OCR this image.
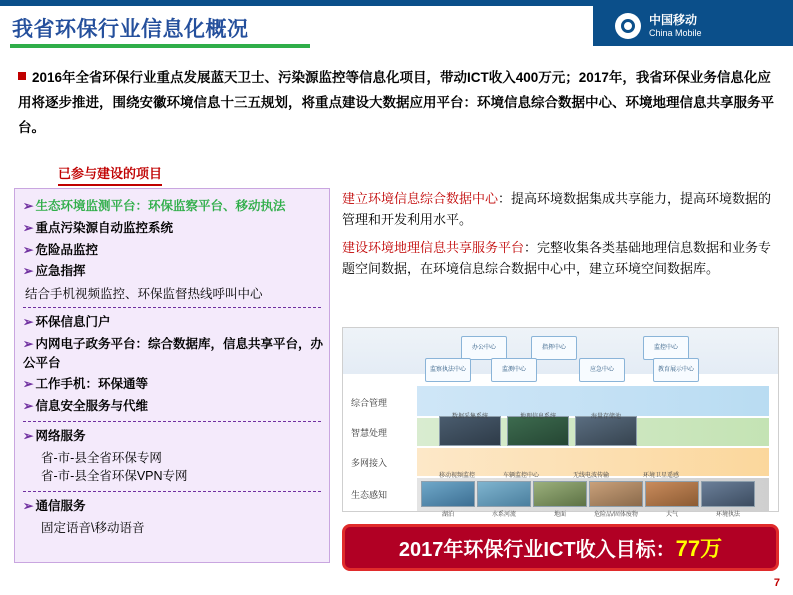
我省环保行业信息化概况	中国移动
China Mobile
2016年全省环保行业重点发展蓝天卫士、污染源监控等信息化项目，带动ICT收入400万元；2017年，我省环保业务信息化应用将逐步推进，围绕安徽环境信息十三五规划，将重点建设大数据应用平台：环境信息综合数据中心、环境地理信息共享服务平台。
已参与建设的项目
➢ 生态环境监测平台：环保监察平台、移动执法
➢ 重点污染源自动监控系统
➢ 危险品监控
➢ 应急指挥
结合手机视频监控、环保监督热线呼叫中心
➢ 环保信息门户
➢ 内网电子政务平台：综合数据库，信息共享平台，办公平台
➢ 工作手机：环保通等
➢ 信息安全服务与代维
➢ 网络服务
省-市-县全省环保专网
省-市-县全省环保VPN专网
➢ 通信服务
固定语音\移动语音
建立环境信息综合数据中心：提高环境数据集成共享能力，提高环境数据的管理和开发利用水平。
建设环境地理信息共享服务平台：完整收集各类基础地理信息数据和业务专题空间数据，在环境信息综合数据中心中，建立环境空间数据库。
办公中心	指挥中心	监控中心
监察执法中心	监测中心	应急中心	教育展示中心
综合管理
智慧处理
多网接入
生态感知
数据采集系统	地理信息系统	海量存储池
移动视频监控	车辆监控中心	无线电波传输	环境卫星遥感
湖泊	水系河流	地面	危险品/固体废物	大气	环境执法
2017年环保行业ICT收入目标： 77万
7
